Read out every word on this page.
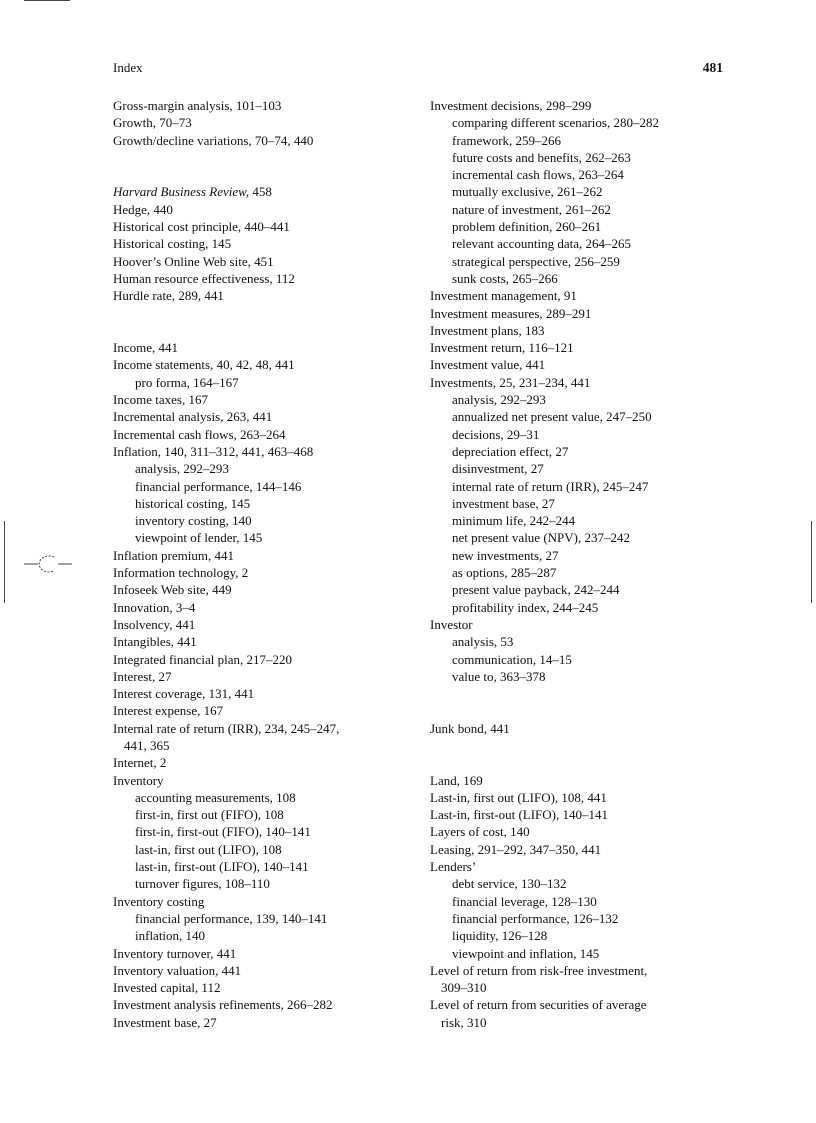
Index	481
Gross-margin analysis, 101–103
Growth, 70–73
Growth/decline variations, 70–74, 440
Harvard Business Review, 458
Hedge, 440
Historical cost principle, 440–441
Historical costing, 145
Hoover’s Online Web site, 451
Human resource effectiveness, 112
Hurdle rate, 289, 441
Income, 441
Income statements, 40, 42, 48, 441
pro forma, 164–167
Income taxes, 167
Incremental analysis, 263, 441
Incremental cash flows, 263–264
Inflation, 140, 311–312, 441, 463–468
analysis, 292–293
financial performance, 144–146
historical costing, 145
inventory costing, 140
viewpoint of lender, 145
Inflation premium, 441
Information technology, 2
Infoseek Web site, 449
Innovation, 3–4
Insolvency, 441
Intangibles, 441
Integrated financial plan, 217–220
Interest, 27
Interest coverage, 131, 441
Interest expense, 167
Internal rate of return (IRR), 234, 245–247,
441, 365
Internet, 2
Inventory
accounting measurements, 108
first-in, first out (FIFO), 108
first-in, first-out (FIFO), 140–141
last-in, first out (LIFO), 108
last-in, first-out (LIFO), 140–141
turnover figures, 108–110
Inventory costing
financial performance, 139, 140–141
inflation, 140
Inventory turnover, 441
Inventory valuation, 441
Invested capital, 112
Investment analysis refinements, 266–282
Investment base, 27
Investment decisions, 298–299
comparing different scenarios, 280–282
framework, 259–266
future costs and benefits, 262–263
incremental cash flows, 263–264
mutually exclusive, 261–262
nature of investment, 261–262
problem definition, 260–261
relevant accounting data, 264–265
strategical perspective, 256–259
sunk costs, 265–266
Investment management, 91
Investment measures, 289–291
Investment plans, 183
Investment return, 116–121
Investment value, 441
Investments, 25, 231–234, 441
analysis, 292–293
annualized net present value, 247–250
decisions, 29–31
depreciation effect, 27
disinvestment, 27
internal rate of return (IRR), 245–247
investment base, 27
minimum life, 242–244
net present value (NPV), 237–242
new investments, 27
as options, 285–287
present value payback, 242–244
profitability index, 244–245
Investor
analysis, 53
communication, 14–15
value to, 363–378
Junk bond, 441
Land, 169
Last-in, first out (LIFO), 108, 441
Last-in, first-out (LIFO), 140–141
Layers of cost, 140
Leasing, 291–292, 347–350, 441
Lenders’
debt service, 130–132
financial leverage, 128–130
financial performance, 126–132
liquidity, 126–128
viewpoint and inflation, 145
Level of return from risk-free investment,
309–310
Level of return from securities of average
risk, 310
